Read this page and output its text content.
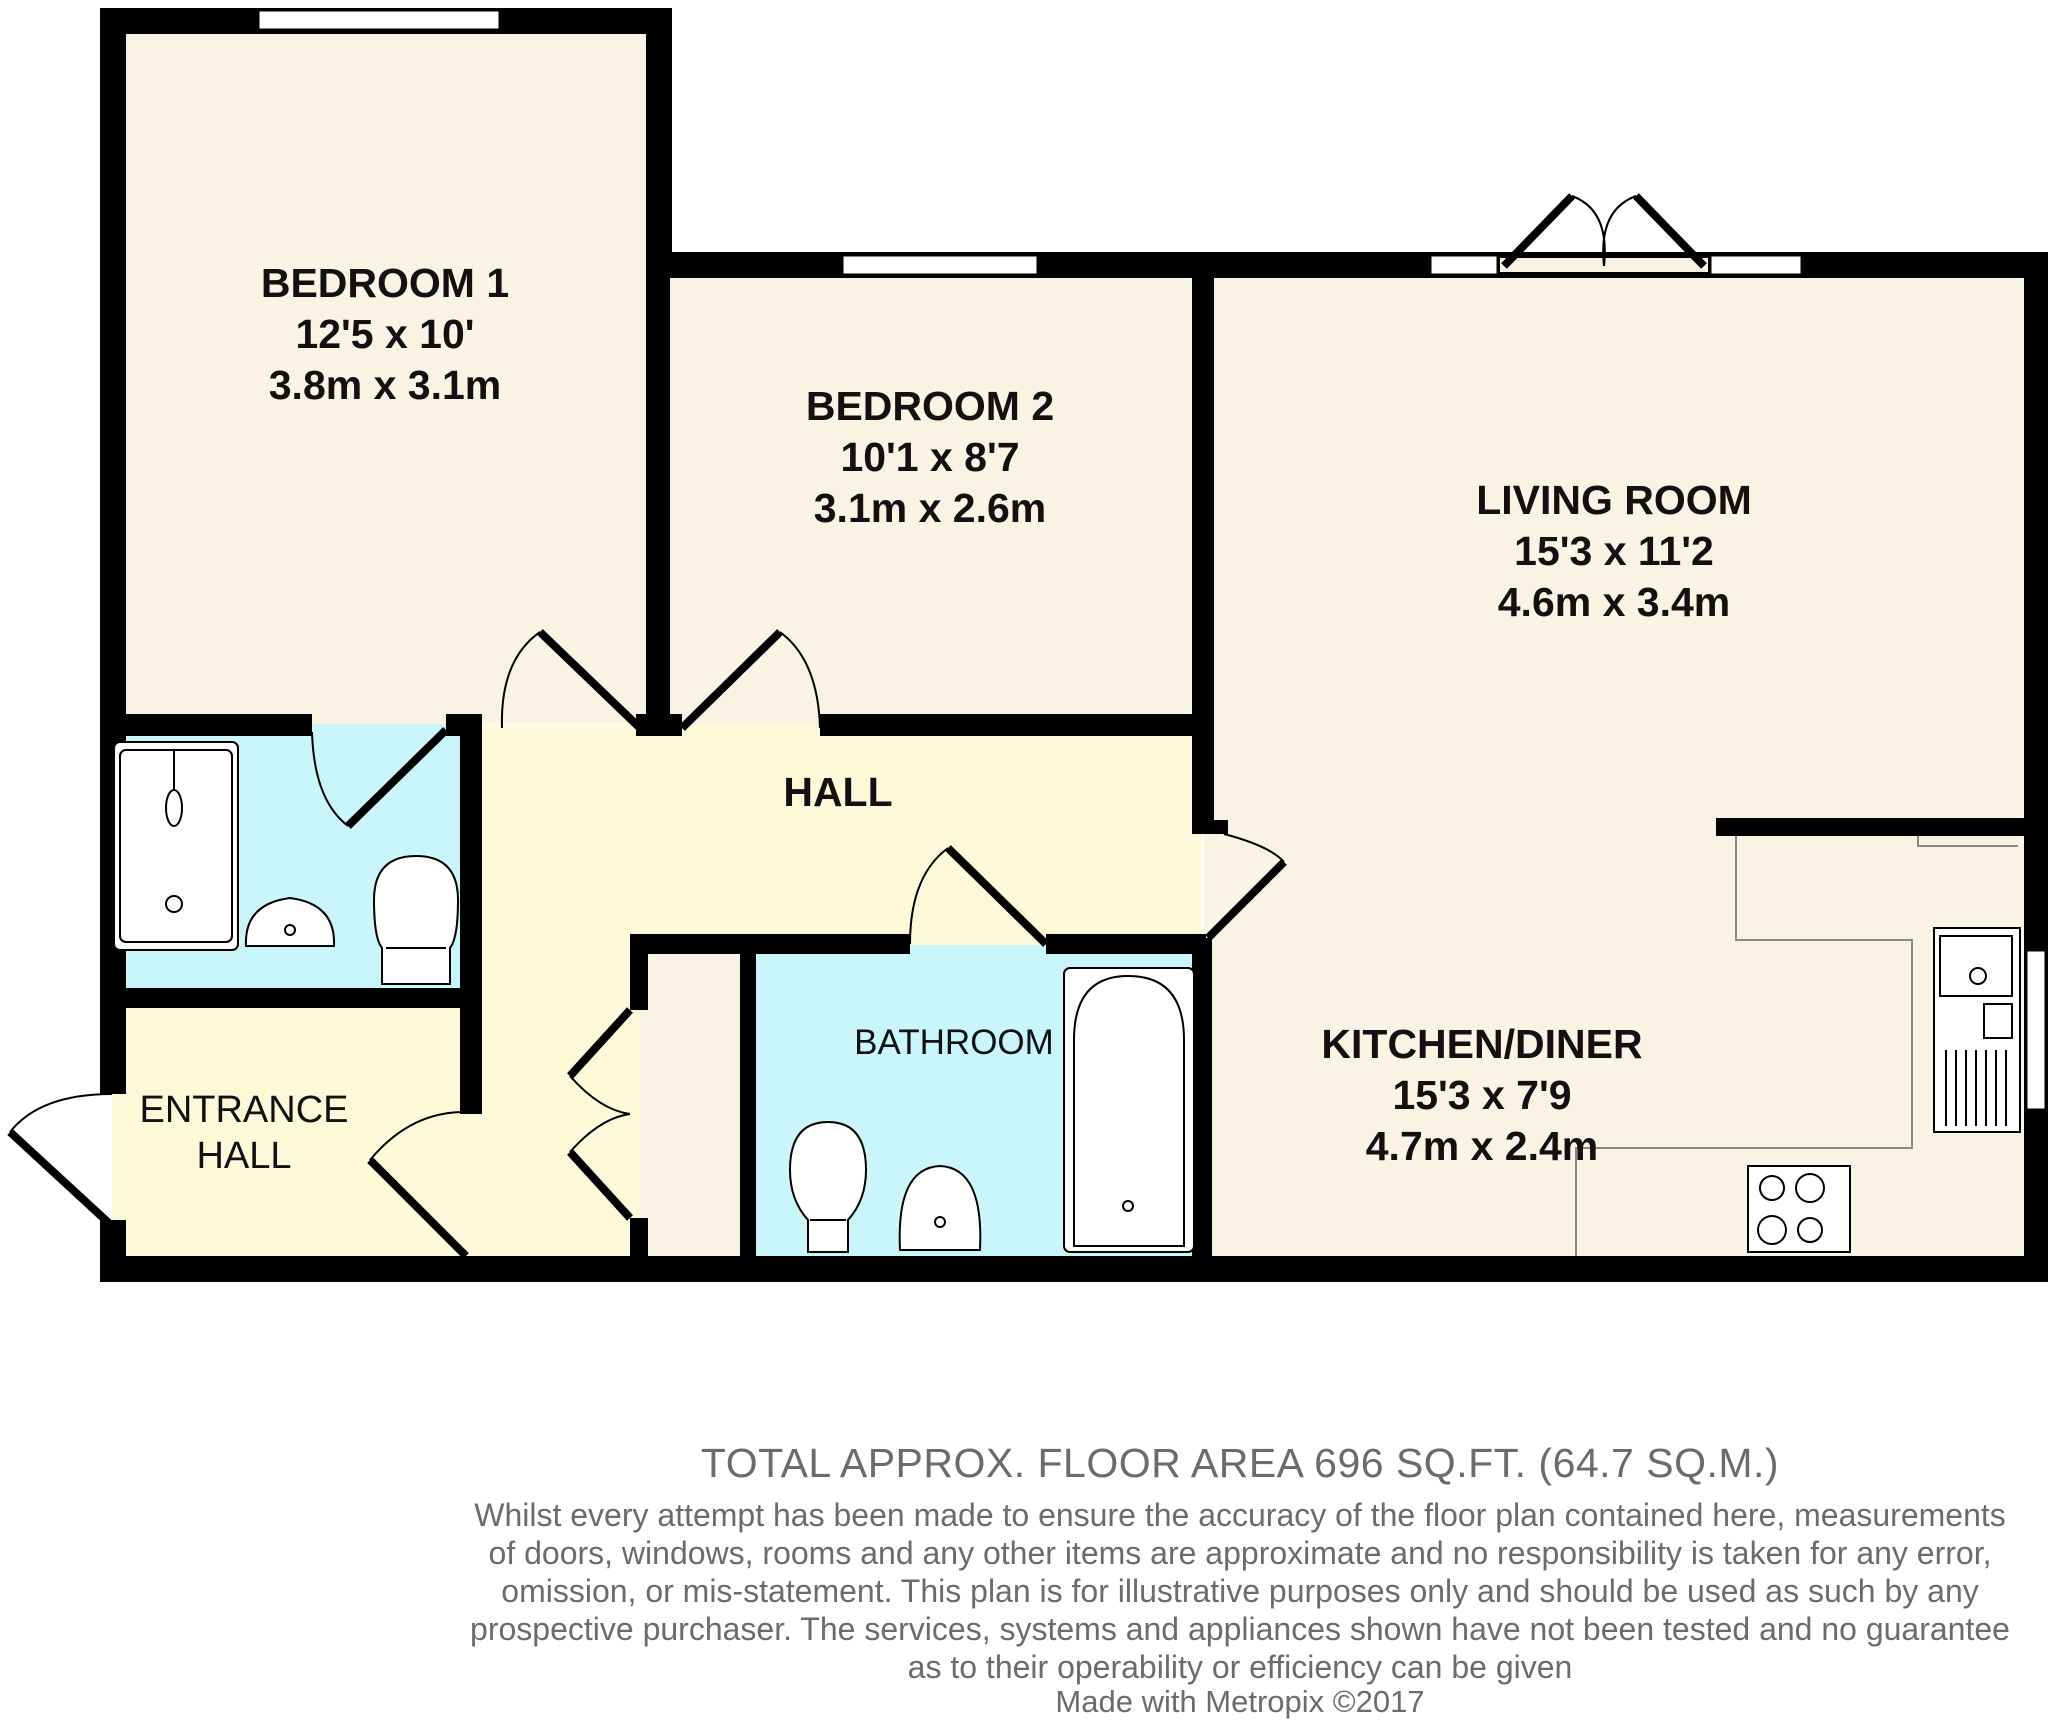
BEDROOM 1
12'5 x 10'
3.8m x 3.1m	BEDROOM 2
10'1 x 8'7
3.1m x 2.6m	LIVING ROOM
15'3 x 11'2
4.6m x 3.4m
HALL
BATHROOM	KITCHEN/DINER
15'3 x 7'9
4.7m x 2.4m
ENTRANCE
HALL
TOTAL APPROX. FLOOR AREA 696 SQ.FT. (64.7 SQ.M.)
Whilst every attempt has been made to ensure the accuracy of the floor plan contained here, measurements
of doors, windows, rooms and any other items are approximate and no responsibility is taken for any error,
omission, or mis-statement. This plan is for illustrative purposes only and should be used as such by any
prospective purchaser. The services, systems and appliances shown have not been tested and no guarantee
as to their operability or efficiency can be given
Made with Metropix ©2017
